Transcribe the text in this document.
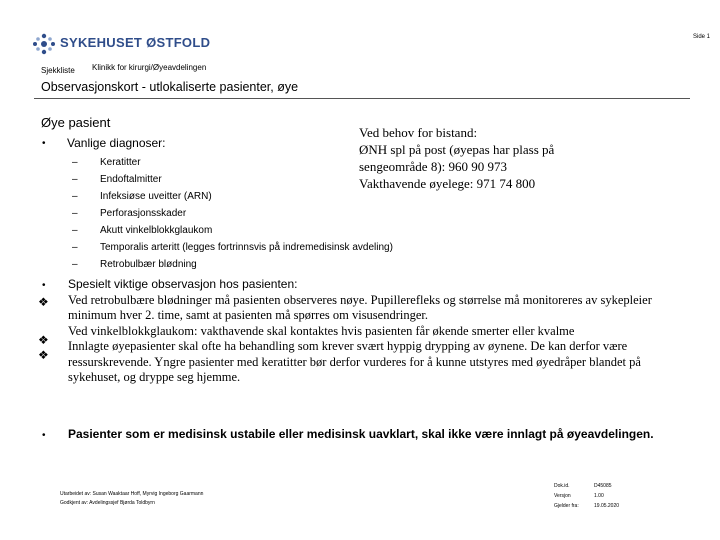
SYKEHUSET ØSTFOLD	Side 1
Sjekkliste Klinikk for kirurgi/Øyeavdelingen
Observasjonskort - utlokaliserte pasienter, øye
Øye pasient
• Vanlige diagnoser:
–	Keratitter
–	Endoftalmitter
–	Infeksiøse uveitter (ARN)
–	Perforasjonsskader
–	Akutt vinkelblokkglaukom
–	Temporalis arteritt (legges fortrinnsvis på indremedisinsk avdeling)
–	Retrobulbær blødning
Ved behov for bistand:
ØNH spl på post (øyepas har plass på
sengeområde 8): 960 90 973
Vakthavende øyelege: 971 74 800
•
❖
❖
❖
Spesielt viktige observasjon hos pasienten:
Ved retrobulbære blødninger må pasienten observeres nøye. Pupillerefleks og størrelse må monitoreres av sykepleier minimum hver 2. time, samt at pasienten må spørres om visusendringer.
Ved vinkelblokkglaukom: vakthavende skal kontaktes hvis pasienten får økende smerter eller kvalme
Innlagte øyepasienter skal ofte ha behandling som krever svært hyppig drypping av øynene. De kan derfor være ressurskrevende. Yngre pasienter med keratitter bør derfor vurderes for å kunne utstyres med øyedråper blandet på sykehuset, og dryppe seg hjemme.
• Pasienter som er medisinsk ustabile eller medisinsk uavklart, skal ikke være innlagt på øyeavdelingen.
Utarbeidet av: Susan Waaktaar Hoff, Myrvig Ingeborg Gaarmann
Godkjent av: Avdelingssjef Bjørda Toldbyrn
Dok.id.	D45085
Versjon	1.00
Gjelder fra:	19.05.2020
